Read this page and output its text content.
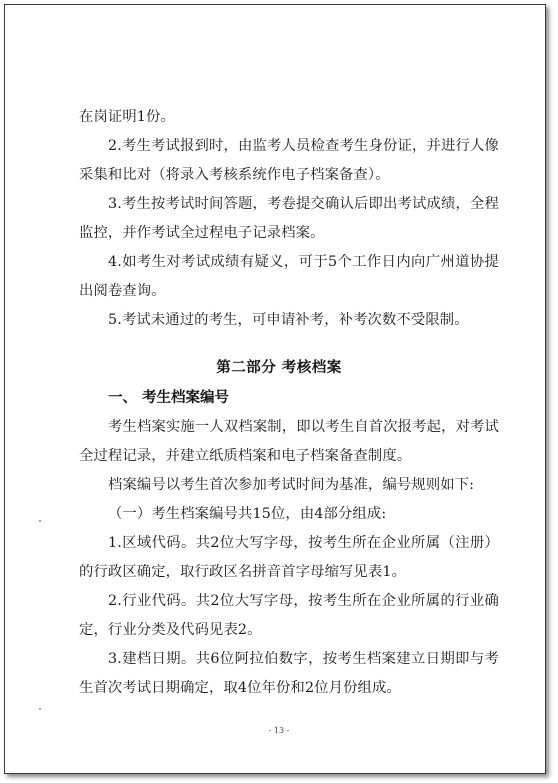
在岗证明1份。

2.考生考试报到时，由监考人员检查考生身份证，并进行人像采集和比对（将录入考核系统作电子档案备查）。

3.考生按考试时间答题，考卷提交确认后即出考试成绩，全程监控，并作考试全过程电子记录档案。

4.如考生对考试成绩有疑义，可于5个工作日内向广州道协提出阅卷查询。

5.考试未通过的考生，可申请补考，补考次数不受限制。

第二部分 考核档案
一、 考生档案编号

考生档案实施一人双档案制，即以考生自首次报考起，对考试全过程记录，并建立纸质档案和电子档案备查制度。

档案编号以考生首次参加考试时间为基准，编号规则如下:

（一）考生档案编号共15位，由4部分组成:

1.区域代码。共2位大写字母，按考生所在企业所属（注册）的行政区确定，取行政区名拼音首字母缩写见表1。

2.行业代码。共2位大写字母，按考生所在企业所属的行业确定，行业分类及代码见表2。

3.建档日期。共6位阿拉伯数字，按考生档案建立日期即与考生首次考试日期确定，取4位年份和2位月份组成。

- 13 -
